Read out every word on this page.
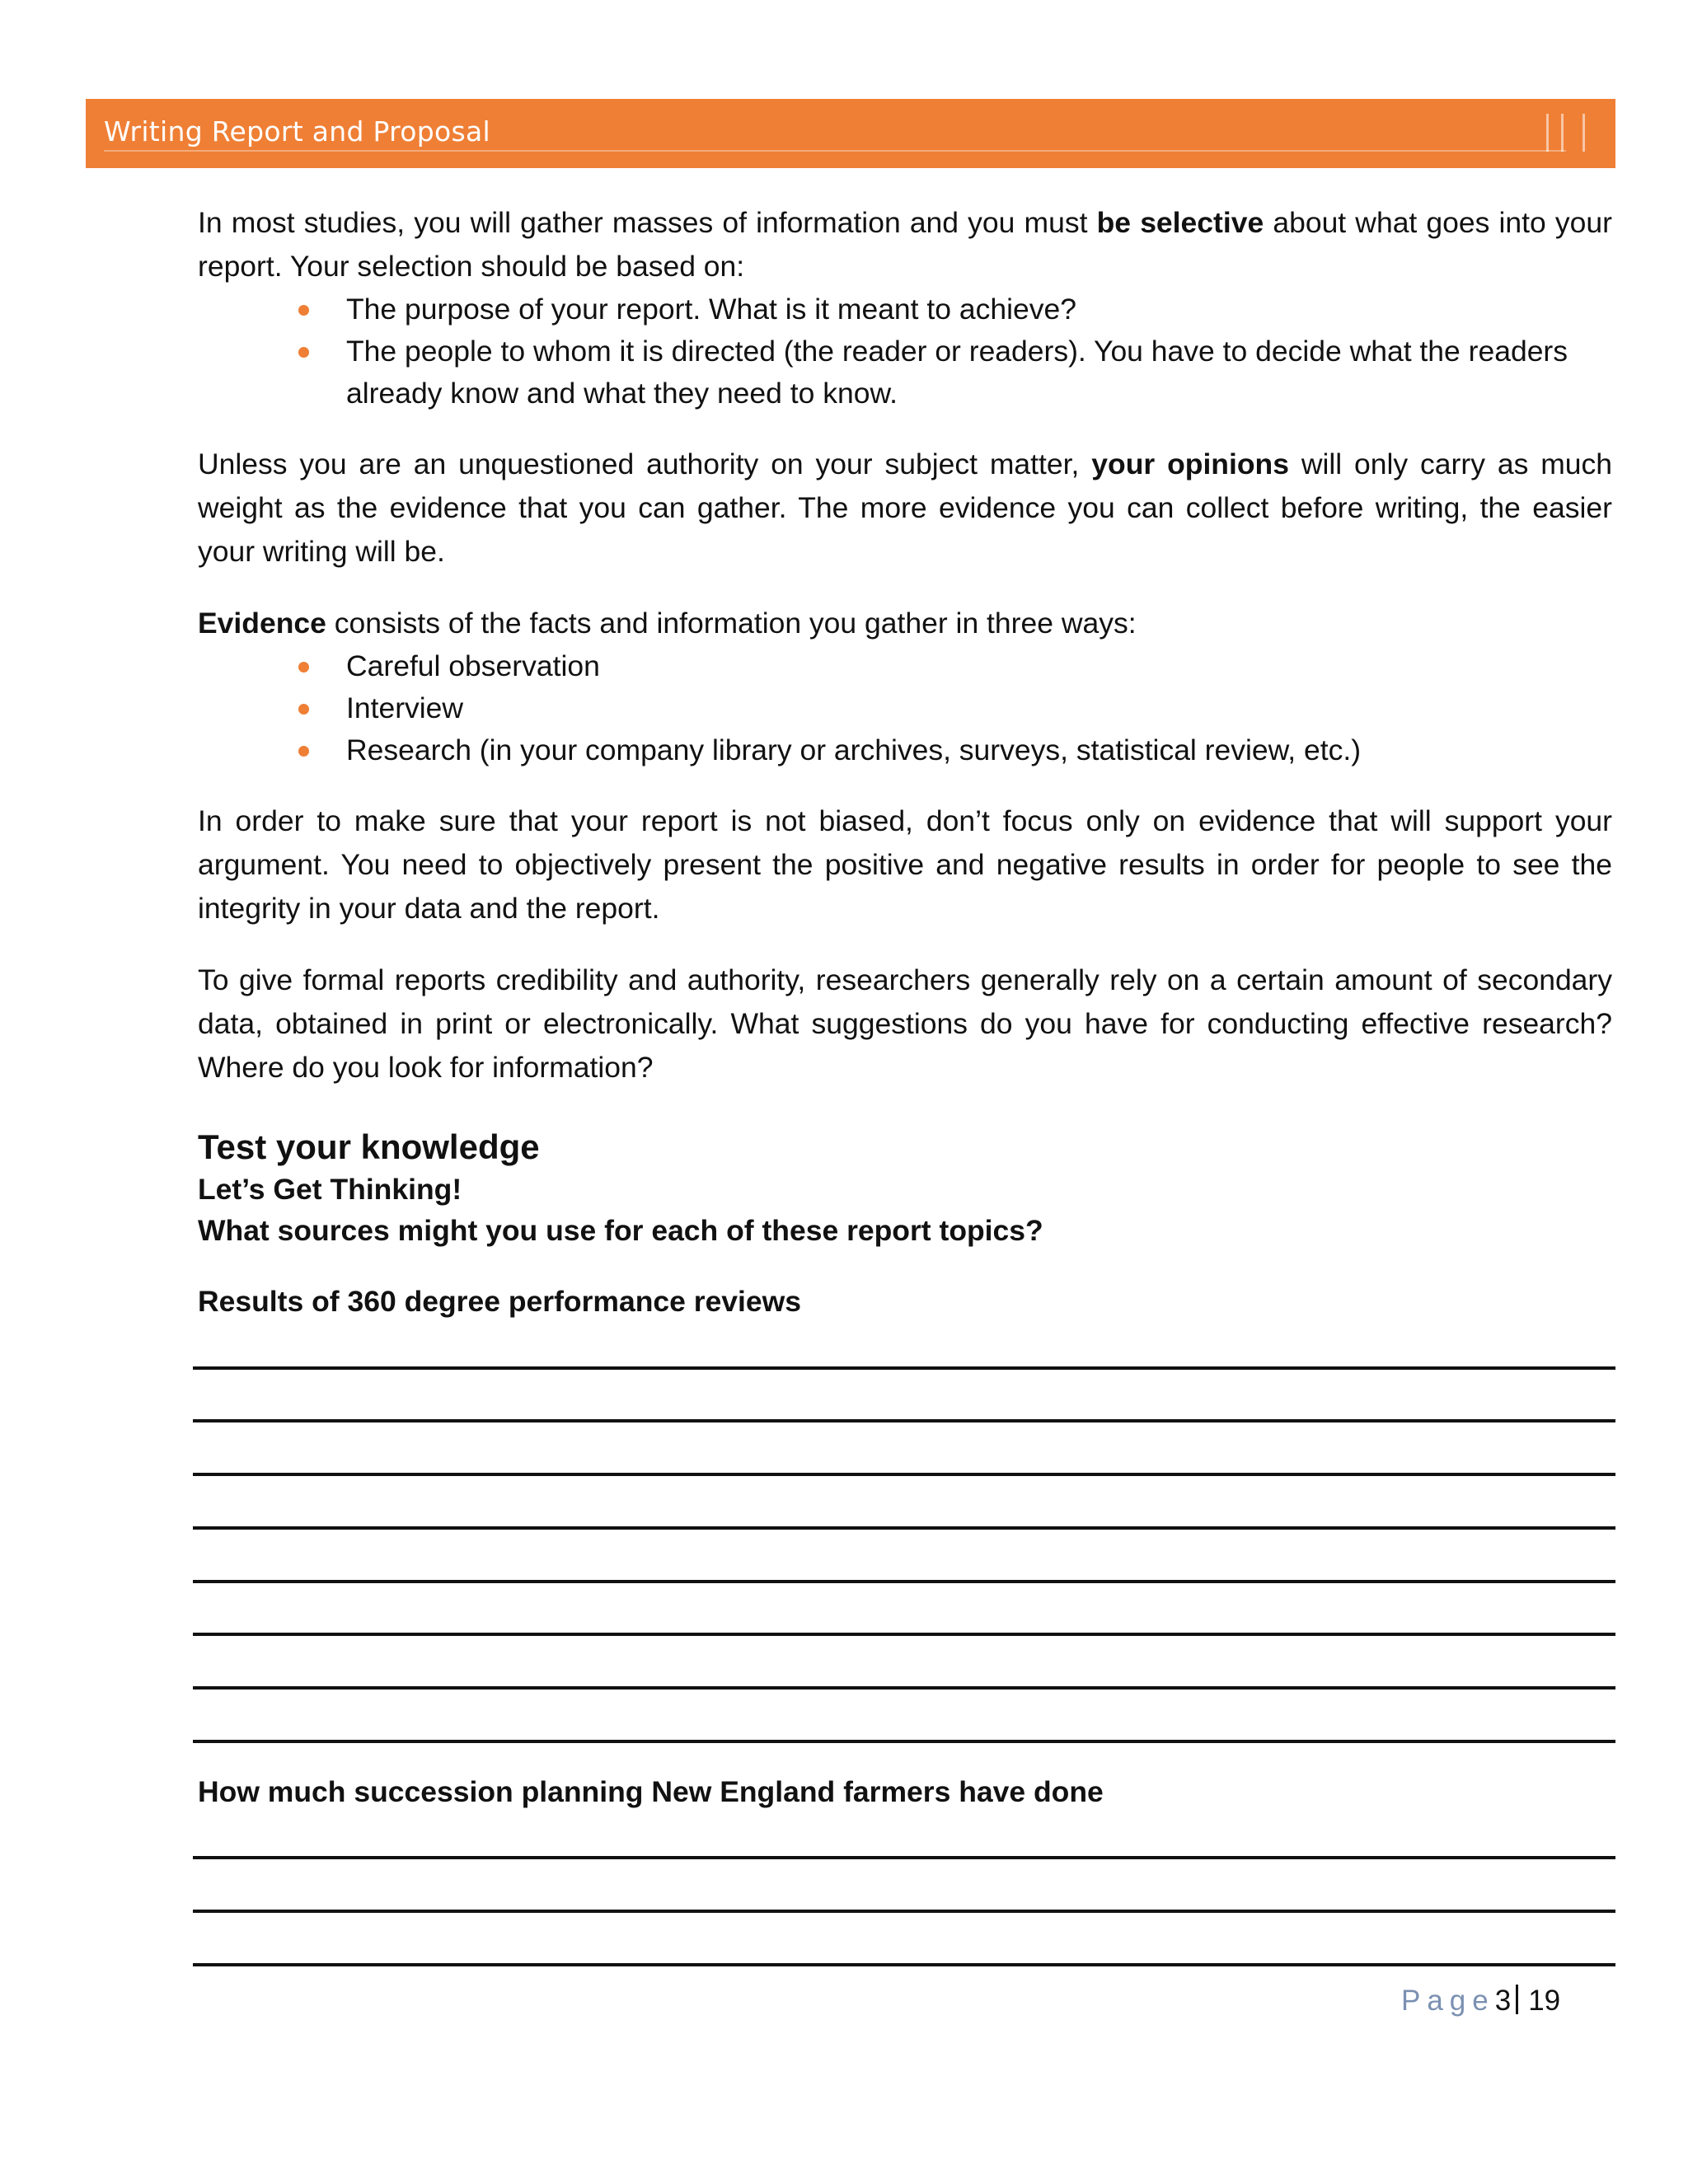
Writing Report and Proposal

In most studies, you will gather masses of information and you must be selective about what goes into your report. Your selection should be based on:

The purpose of your report. What is it meant to achieve?
The people to whom it is directed (the reader or readers). You have to decide what the readers already know and what they need to know.

Unless you are an unquestioned authority on your subject matter, your opinions will only carry as much weight as the evidence that you can gather. The more evidence you can collect before writing, the easier your writing will be.

Evidence consists of the facts and information you gather in three ways:

Careful observation
Interview
Research (in your company library or archives, surveys, statistical review, etc.)

In order to make sure that your report is not biased, don’t focus only on evidence that will support your argument. You need to objectively present the positive and negative results in order for people to see the integrity in your data and the report.

To give formal reports credibility and authority, researchers generally rely on a certain amount of secondary data, obtained in print or electronically. What suggestions do you have for conducting effective research? Where do you look for information?

Test your knowledge
Let’s Get Thinking!
What sources might you use for each of these report topics?
Results of 360 degree performance reviews
How much succession planning New England farmers have done
Page3 19
